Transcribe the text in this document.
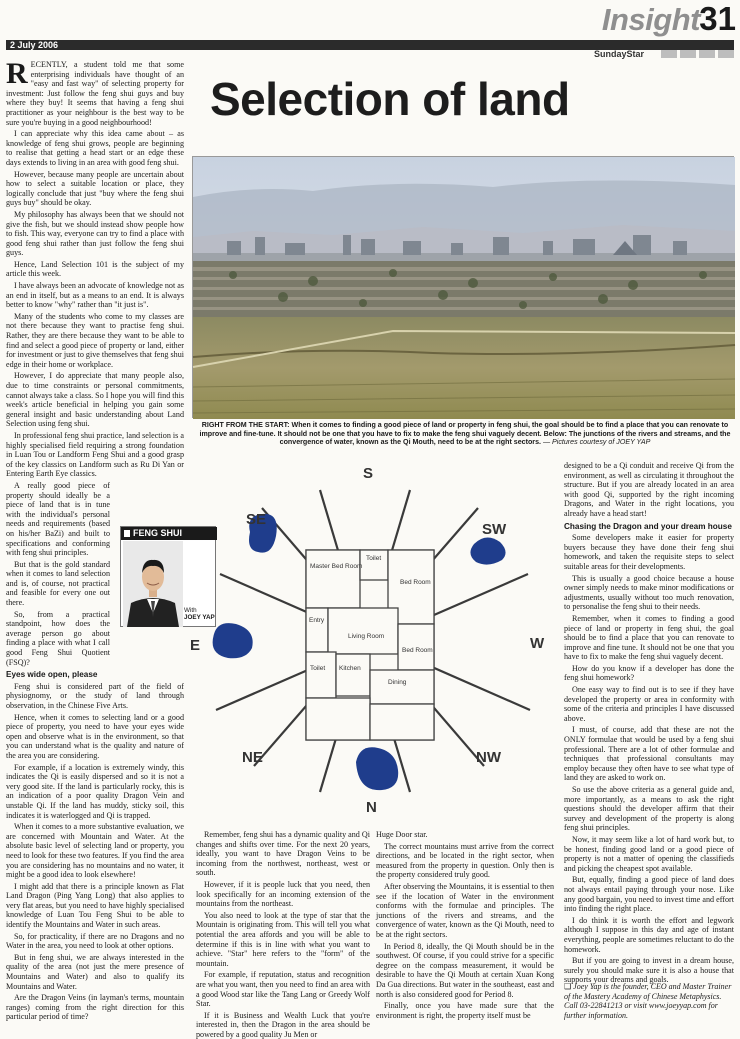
Insight 31
2 July 2006
SundayStar

RECENTLY, a student told me that some enterprising individuals have thought of an "easy and fast way" of selecting property for investment: Just follow the feng shui guys and buy where they buy! It seems that having a feng shui practitioner as your neighbour is the best way to be sure you're buying in a good neighbourhood!

I can appreciate why this idea came about – as knowledge of feng shui grows, people are beginning to realise that getting a head start or an edge these days extends to living in an area with good feng shui.

However, because many people are uncertain about how to select a suitable location or place, they logically conclude that just "buy where the feng shui guys buy" should be okay.

My philosophy has always been that we should not give the fish, but we should instead show people how to fish. This way, everyone can try to find a place with good feng shui rather than just follow the feng shui guys.

Hence, Land Selection 101 is the subject of my article this week.

I have always been an advocate of knowledge not as an end in itself, but as a means to an end. It is always better to know "why" rather than "it just is".

Many of the students who come to my classes are not there because they want to practise feng shui. Rather, they are there because they want to be able to find and select a good piece of property or land, either for investment or just to give themselves that feng shui edge in their home or workplace.

However, I do appreciate that many people also, due to time constraints or personal commitments, cannot always take a class. So I hope you will find this week's article beneficial in helping you gain some general insight and basic understanding about Land Selection using feng shui.

In professional feng shui practice, land selection is a highly specialised field requiring a strong foundation in Luan Tou or Landform Feng Shui and a good grasp of the key classics on Landform such as Ru Di Yan or Entering Earth Eye classics.

A really good piece of property should ideally be a piece of land that is in tune with the individual's personal needs and requirements (based on his/her BaZi) and built to specifications and conforming with feng shui principles.

But that is the gold standard when it comes to land selection and is, of course, not practical and feasible for every one out there.

So, from a practical standpoint, how does the average person go about finding a place with what I call good Feng Shui Quotient (FSQ)?

Eyes wide open, please

Feng shui is considered part of the field of physiognomy, or the study of land through observation, in the Chinese Five Arts.

Hence, when it comes to selecting land or a good piece of property, you need to have your eyes wide open and observe what is in the environment, so that you can understand what is the quality and nature of the area you are considering.

For example, if a location is extremely windy, this indicates the Qi is easily dispersed and so it is not a very good site. If the land is particularly rocky, this is an indication of a poor quality Dragon Vein and unstable Qi. If the land has muddy, sticky soil, this indicates it is waterlogged and Qi is trapped.

When it comes to a more substantive evaluation, we are concerned with Mountain and Water. At the absolute basic level of selecting land or property, you need to look for these two features. If you find the area you are considering has no mountains and no water, it might be a good idea to look elsewhere!

I might add that there is a principle known as Flat Land Dragon (Ping Yang Long) that also applies to very flat areas, but you need to have highly specialised knowledge of Luan Tou Feng Shui to be able to identify the Mountains and Water in such areas.

So, for practicality, if there are no Dragons and no Water in the area, you need to look at other options.

But in feng shui, we are always interested in the quality of the area (not just the mere presence of Mountains and Water) and also to qualify its Mountains and Water.

Are the Dragon Veins (in layman's terms, mountain ranges) coming from the right direction for this particular period of time?

FENG SHUI
With
JOEY YAP
Selection of land
RIGHT FROM THE START: When it comes to finding a good piece of land or property in feng shui, the goal should be to find a place that you can renovate to improve and fine-tune. It should not be one that you have to fix to make the feng shui vaguely decent. Below: The junctions of the rivers and streams, and the convergence of water, known as the Qi Mouth, need to be at the right sectors. — Pictures courtesy of JOEY YAP
Toilet
Master Bed Room
Bed Room
Entry
Living Room
Bed Room
Toilet Kitchen
Dining
S
N
E	W
SE
SW
NE	NW

Remember, feng shui has a dynamic quality and Qi changes and shifts over time. For the next 20 years, ideally, you want to have Dragon Veins to be incoming from the northwest, northeast, west or south.

However, if it is people luck that you need, then look specifically for an incoming extension of the mountains from the northeast.

You also need to look at the type of star that the Mountain is originating from. This will tell you what potential the area affords and you will be able to determine if this is in line with what you want to achieve. "Star" here refers to the "form" of the mountain.

For example, if reputation, status and recognition are what you want, then you need to find an area with a good Wood star like the Tang Lang or Greedy Wolf Star.

If it is Business and Wealth Luck that you're interested in, then the Dragon in the area should be powered by a good quality Ju Men or

Huge Door star.

The correct mountains must arrive from the correct directions, and be located in the right sector, when measured from the property in question. Only then is the property considered truly good.

After observing the Mountains, it is essential to then see if the location of Water in the environment conforms with the formulae and principles. The junctions of the rivers and streams, and the convergence of water, known as the Qi Mouth, need to be at the right sectors.

In Period 8, ideally, the Qi Mouth should be in the southwest. Of course, if you could strive for a specific degree on the compass measurement, it would be desirable to have the Qi Mouth at certain Xuan Kong Da Gua directions. But water in the southeast, east and north is also considered good for Period 8.

Finally, once you have made sure that the environment is right, the property itself must be

designed to be a Qi conduit and receive Qi from the environment, as well as circulating it throughout the structure. But if you are already located in an area with good Qi, supported by the right incoming Dragons, and Water in the right locations, you already have a head start!

Chasing the Dragon and your dream house

Some developers make it easier for property buyers because they have done their feng shui homework, and taken the requisite steps to select suitable areas for their developments.

This is usually a good choice because a house owner simply needs to make minor modifications or adjustments, usually without too much renovation, to personalise the feng shui to their needs.

Remember, when it comes to finding a good piece of land or property in feng shui, the goal should be to find a place that you can renovate to improve and fine tune. It should not be one that you have to fix to make the feng shui vaguely decent.

How do you know if a developer has done the feng shui homework?

One easy way to find out is to see if they have developed the property or area in conformity with some of the criteria and principles I have discussed above.

I must, of course, add that these are not the ONLY formulae that would be used by a feng shui professional. There are a lot of other formulae and techniques that professional consultants may employ because they often have to see what type of land they are asked to work on.

So use the above criteria as a general guide and, more importantly, as a means to ask the right questions should the developer affirm that their survey and development of the property is along feng shui principles.

Now, it may seem like a lot of hard work but, to be honest, finding good land or a good piece of property is not a matter of opening the classifieds and picking the cheapest spot available.

But, equally, finding a good piece of land does not always entail paying through your nose. Like any good bargain, you need to invest time and effort into finding the right place.

I do think it is worth the effort and legwork although I suppose in this day and age of instant everything, people are sometimes reluctant to do the homework.

But if you are going to invest in a dream house, surely you should make sure it is also a house that supports your dreams and goals.

❑ Joey Yap is the founder, CEO and Master Trainer of the Mastery Academy of Chinese Metaphysics. Call 03-22841213 or visit www.joeyyap.com for further information.
